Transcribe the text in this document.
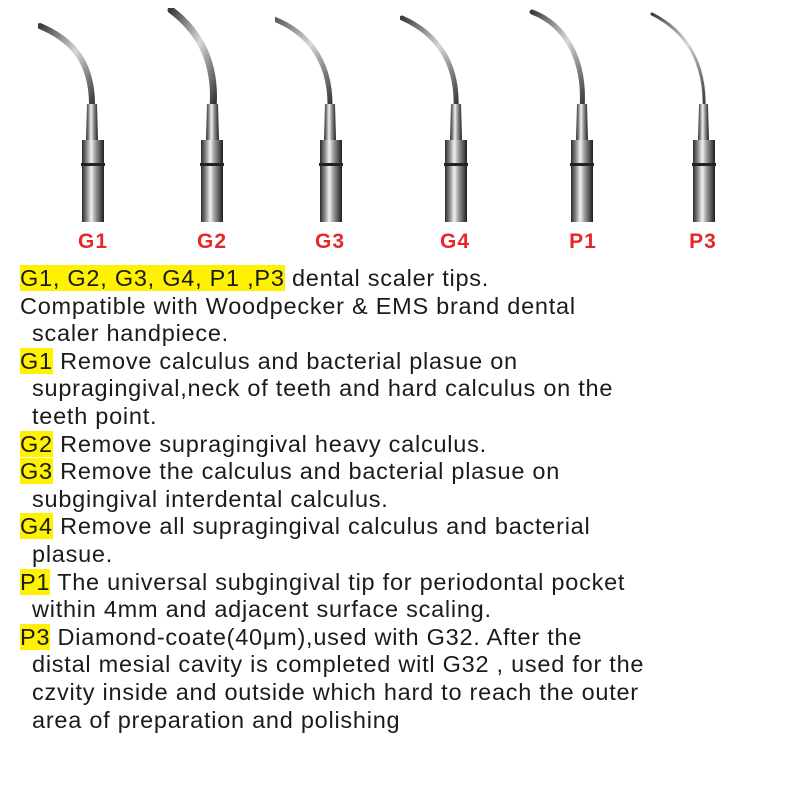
G1	G2	G3	G4	P1	P3
G1, G2, G3, G4, P1 ,P3 dental scaler tips.
Compatible with Woodpecker & EMS brand dental
scaler handpiece.
G1 Remove calculus and bacterial plasue on
supragingival,neck of teeth and hard calculus on the
teeth point.
G2 Remove supragingival heavy calculus.
G3 Remove the calculus and bacterial plasue on
subgingival interdental calculus.
G4 Remove all supragingival calculus and bacterial
plasue.
P1 The universal subgingival tip for periodontal pocket
within 4mm and adjacent surface scaling.
P3 Diamond-coate(40μm),used with G32. After the
distal mesial cavity is completed witl G32 , used for the
czvity inside and outside which hard to reach the outer
area of preparation and polishing
